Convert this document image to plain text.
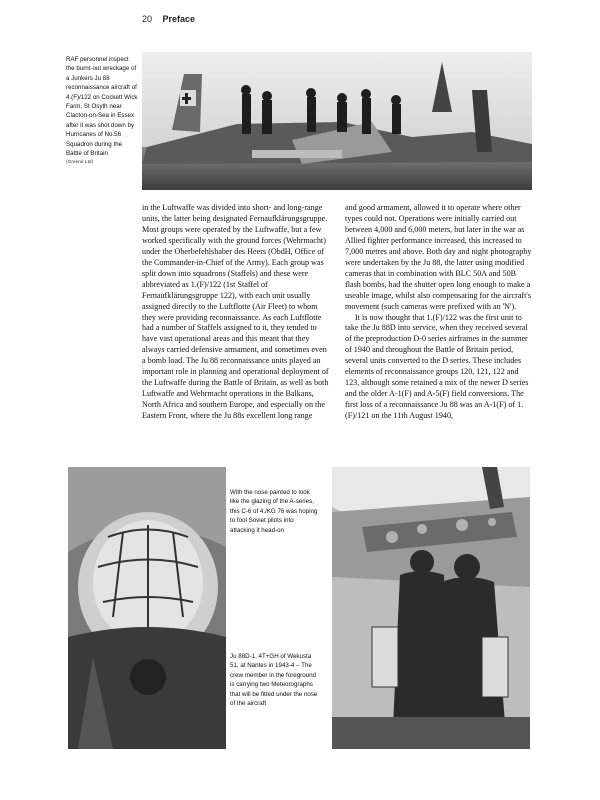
20 Preface
RAF personnel inspect the burnt-out wreckage of a Junkers Ju 88 reconnaissance aircraft of 4.(F)/122 on Cockett Wick Farm, St Osyth near Clacton-on-Sea in Essex after it was shot down by Hurricanes of No.56 Squadron during the Battle of Britain
(Greene Ltd)

in the Luftwaffe was divided into short- and long-range units, the latter being designated Fernaufklärungsgruppe. Most groups were operated by the Luftwaffe, but a few worked specifically with the ground forces (Wehrmacht) under the Oberbefehlshaber des Heers (ObdH, Office of the Commander-in-Chief of the Army). Each group was split down into squadrons (Staffels) and these were abbreviated as 1.(F)/122 (1st Staffel of Fernaufklärungsgruppe 122), with each unit usually assigned directly to the Luftflotte (Air Fleet) to whom they were providing reconnaissance. As each Luftflotte had a number of Staffels assigned to it, they tended to have vast operational areas and this meant that they always carried defensive armament, and sometimes even a bomb load. The Ju 88 reconnaissance units played an important role in planning and operational deployment of the Luftwaffe during the Battle of Britain, as well as both Luftwaffe and Wehrmacht operations in the Balkans, North Africa and southern Europe, and especially on the Eastern Front, where the Ju 88s excellent long range

and good armament, allowed it to operate where other types could not. Operations were initially carried out between 4,000 and 6,000 meters, but later in the war as Allied fighter performance increased, this increased to 7,000 metres and above. Both day and night photography were undertaken by the Ju 88, the latter using modified cameras that in combination with BLC 50A and 50B flash bombs, had the shutter open long enough to make a useable image, whilst also compensating for the aircraft's movement (such cameras were prefixed with an 'N').

It is now thought that 1.(F)/122 was the first unit to take the Ju 88D into service, when they received several of the preproduction D-0 series airframes in the summer of 1940 and throughout the Battle of Britain period, several units converted to the D series. These includes elements of reconnaissance groups 120, 121, 122 and 123, although some retained a mix of the newer D series and the older A-1(F) and A-5(F) field conversions. The first loss of a reconnaissance Ju 88 was an A-1(F) of 1.(F)/121 on the 11th August 1940,

With the nose painted to look like the glazing of the A-series, this C-6 of 4./KG 76 was hoping to fool Soviet pilots into attacking it head-on
Ju 88D-1, 4T+GH of Wekusta 51, at Nantes in 1943-4 – The crew member in the foreground is carrying two Meteorographs that will be fitted under the nose of the aircraft
